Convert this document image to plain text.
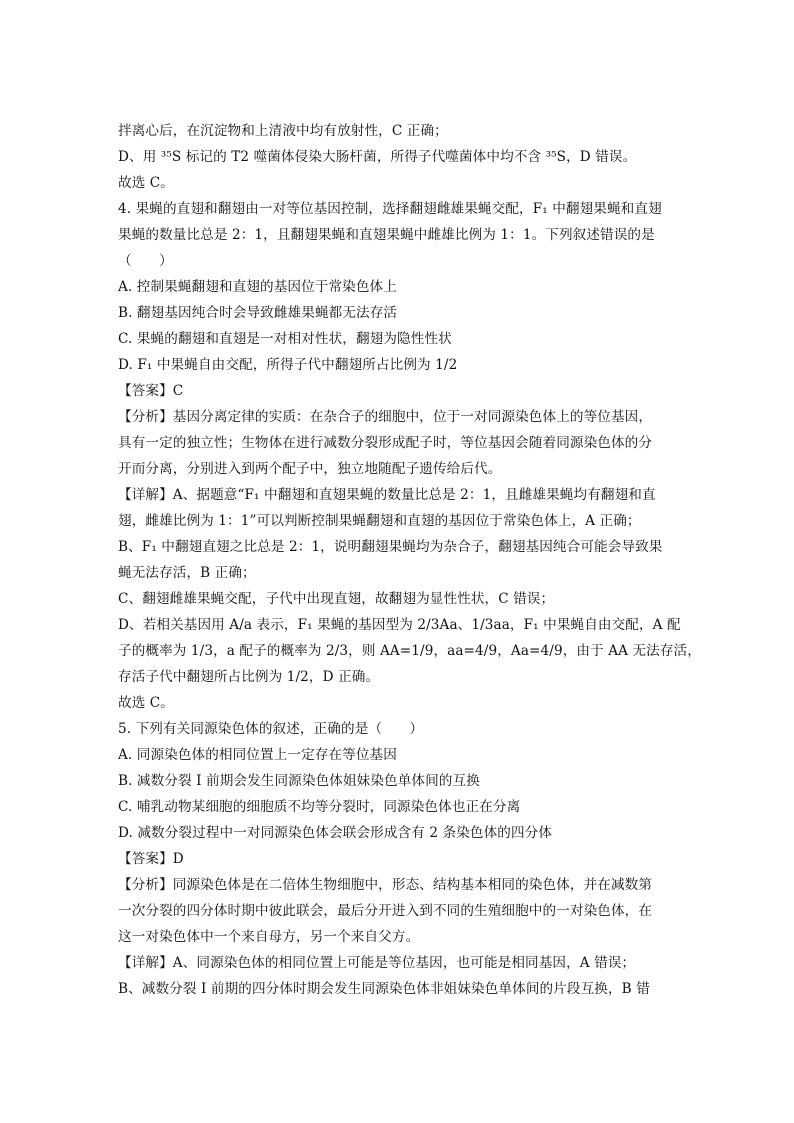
拌离心后，在沉淀物和上清液中均有放射性，C 正确；
D、用 ³⁵S 标记的 T2 噬菌体侵染大肠杆菌，所得子代噬菌体中均不含 ³⁵S，D 错误。
故选 C。
4. 果蝇的直翅和翻翅由一对等位基因控制，选择翻翅雌雄果蝇交配，F₁ 中翻翅果蝇和直翅
果蝇的数量比总是 2：1，且翻翅果蝇和直翅果蝇中雌雄比例为 1：1。下列叙述错误的是
（　　）
A. 控制果蝇翻翅和直翅的基因位于常染色体上
B. 翻翅基因纯合时会导致雌雄果蝇都无法存活
C. 果蝇的翻翅和直翅是一对相对性状，翻翅为隐性性状
D. F₁ 中果蝇自由交配，所得子代中翻翅所占比例为 1/2
【答案】C
【分析】基因分离定律的实质：在杂合子的细胞中，位于一对同源染色体上的等位基因，
具有一定的独立性；生物体在进行减数分裂形成配子时，等位基因会随着同源染色体的分
开而分离，分别进入到两个配子中，独立地随配子遗传给后代。
【详解】A、据题意“F₁ 中翻翅和直翅果蝇的数量比总是 2：1，且雌雄果蝇均有翻翅和直
翅，雌雄比例为 1：1”可以判断控制果蝇翻翅和直翅的基因位于常染色体上，A 正确；
B、F₁ 中翻翅直翅之比总是 2：1，说明翻翅果蝇均为杂合子，翻翅基因纯合可能会导致果
蝇无法存活，B 正确；
C、翻翅雌雄果蝇交配，子代中出现直翅，故翻翅为显性性状，C 错误；
D、若相关基因用 A/a 表示，F₁ 果蝇的基因型为 2/3Aa、1/3aa，F₁ 中果蝇自由交配，A 配
子的概率为 1/3，a 配子的概率为 2/3，则 AA=1/9，aa=4/9，Aa=4/9，由于 AA 无法存活，
存活子代中翻翅所占比例为 1/2，D 正确。
故选 C。
5. 下列有关同源染色体的叙述，正确的是（　　）
A. 同源染色体的相同位置上一定存在等位基因
B. 减数分裂 I 前期会发生同源染色体姐妹染色单体间的互换
C. 哺乳动物某细胞的细胞质不均等分裂时，同源染色体也正在分离
D. 减数分裂过程中一对同源染色体会联会形成含有 2 条染色体的四分体
【答案】D
【分析】同源染色体是在二倍体生物细胞中，形态、结构基本相同的染色体，并在减数第
一次分裂的四分体时期中彼此联会，最后分开进入到不同的生殖细胞中的一对染色体，在
这一对染色体中一个来自母方，另一个来自父方。
【详解】A、同源染色体的相同位置上可能是等位基因，也可能是相同基因，A 错误；
B、减数分裂 I 前期的四分体时期会发生同源染色体非姐妹染色单体间的片段互换，B 错
